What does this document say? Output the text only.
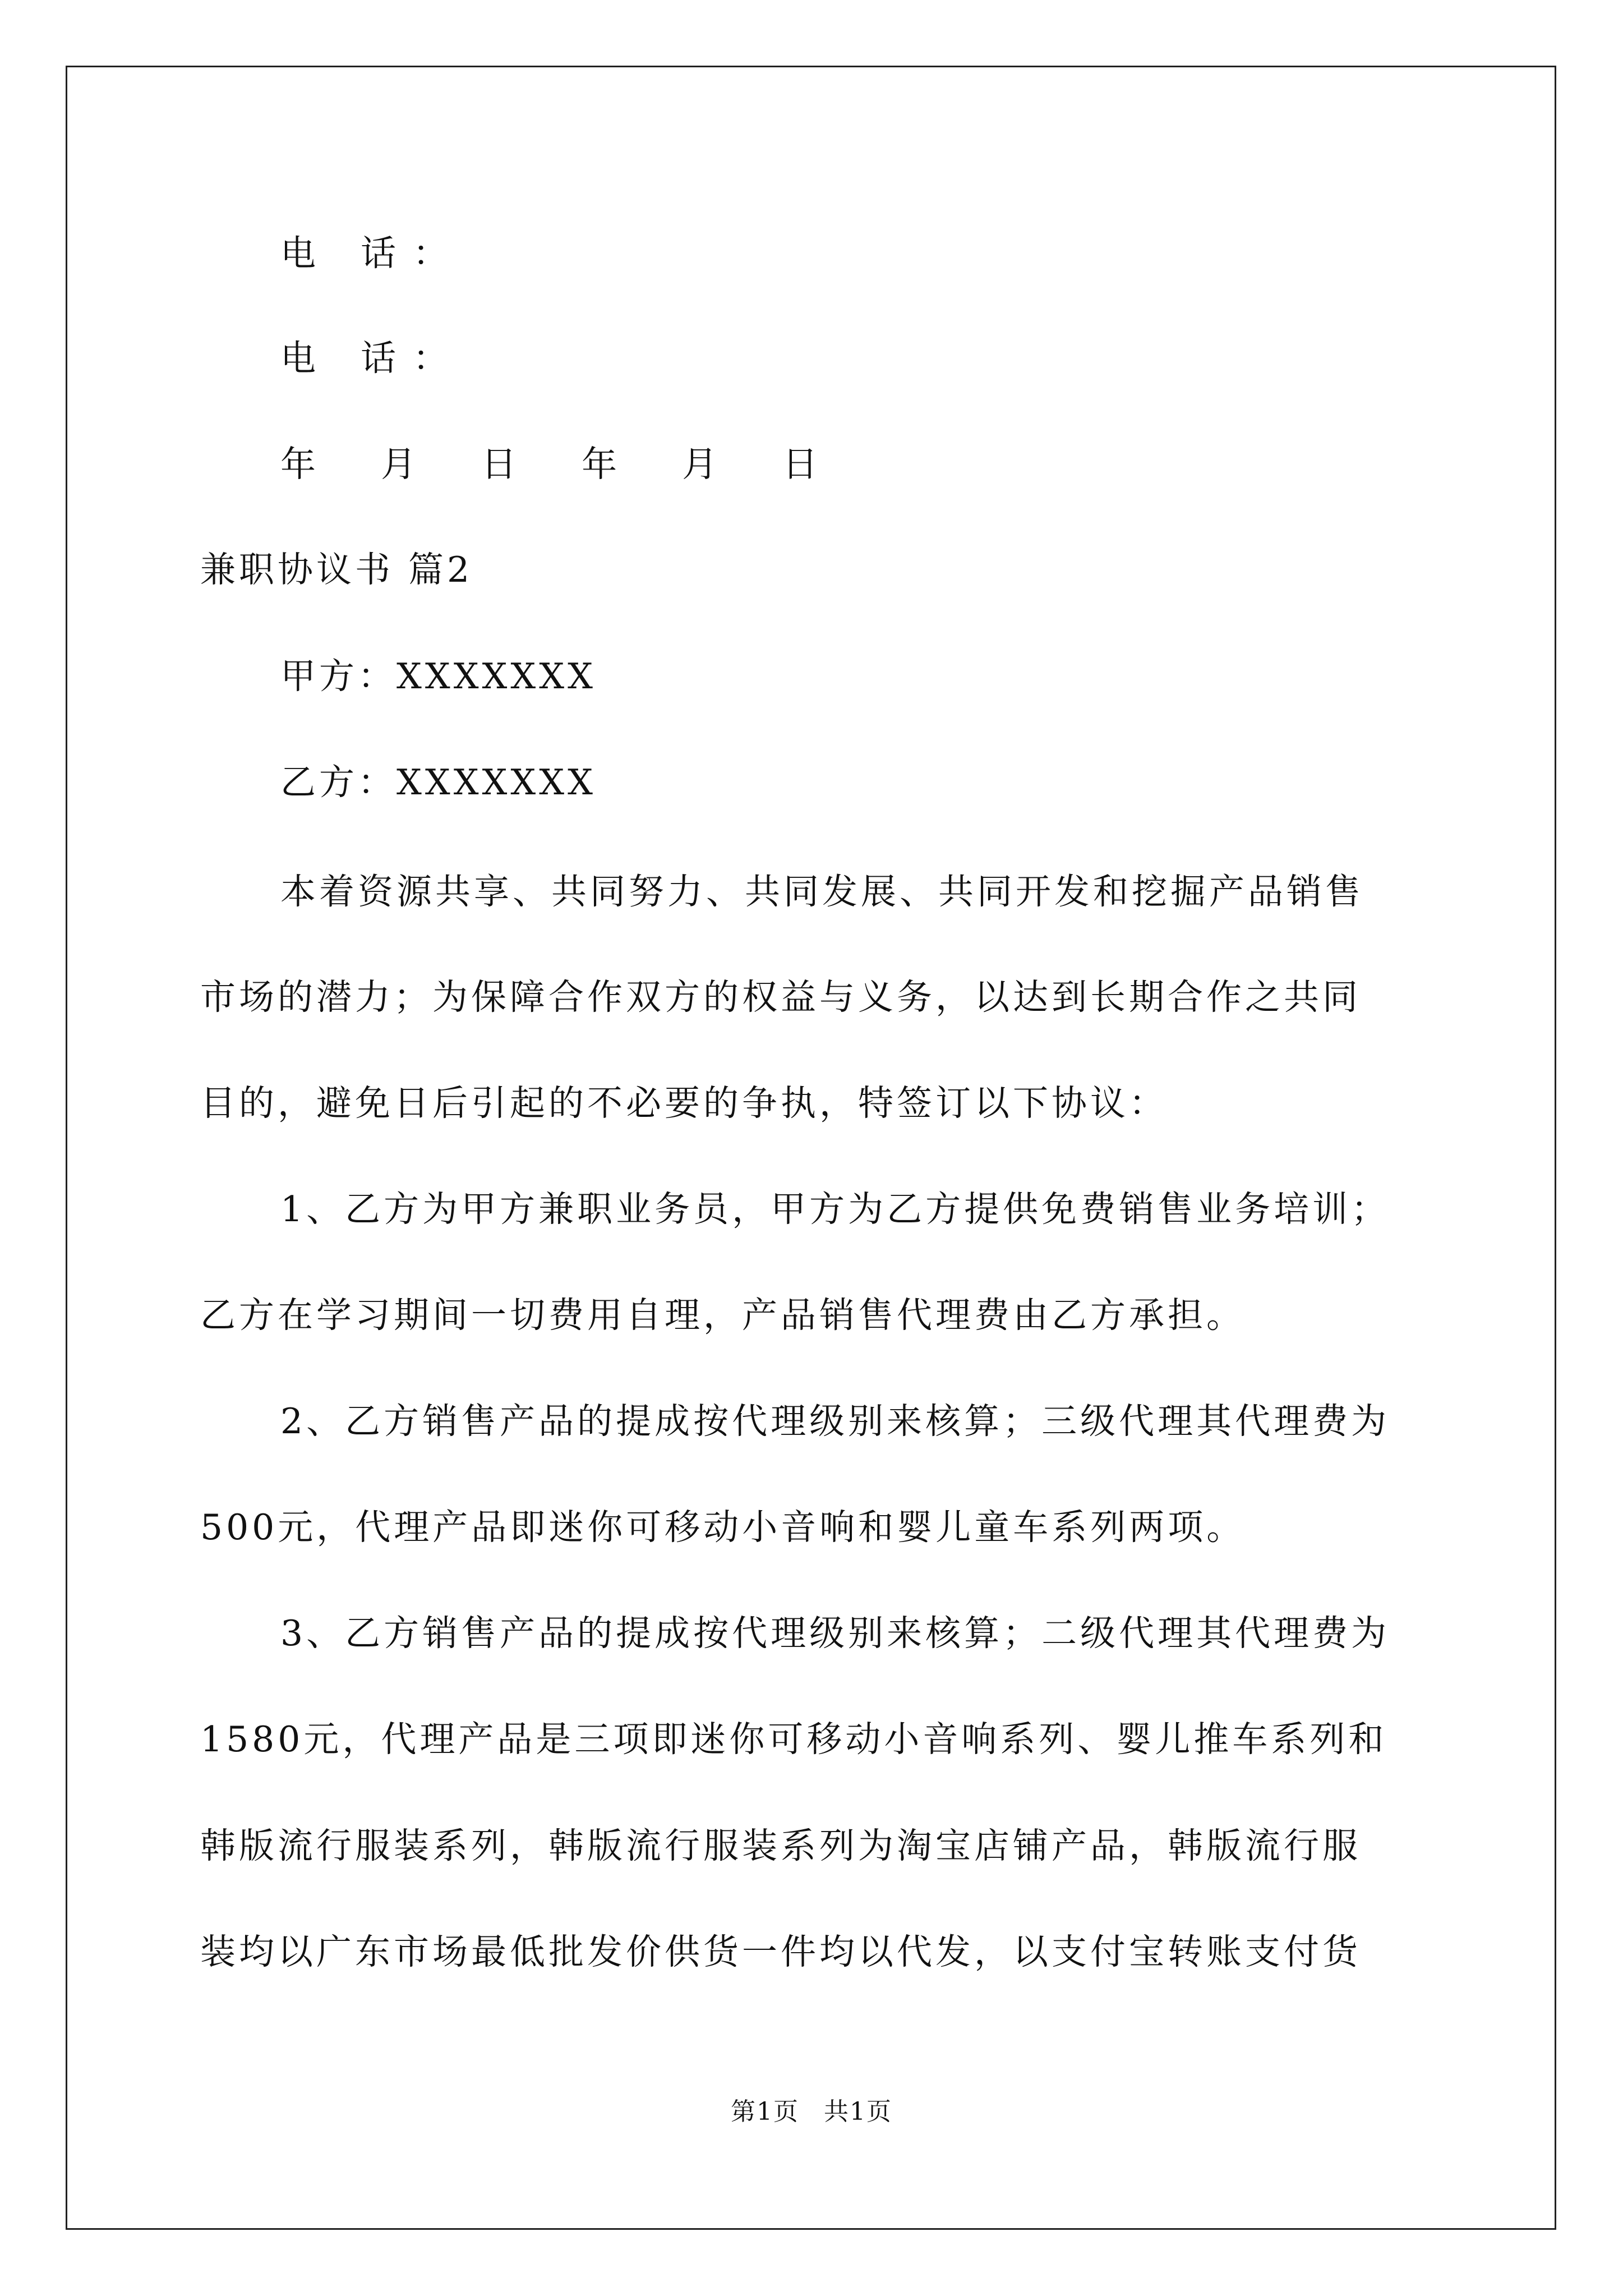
电 话：
电 话：
年 月 日 年 月 日
兼职协议书 篇2
甲方：XXXXXXX
乙方：XXXXXXX
本着资源共享、共同努力、共同发展、共同开发和挖掘产品销售
市场的潜力；为保障合作双方的权益与义务，以达到长期合作之共同
目的，避免日后引起的不必要的争执，特签订以下协议：
1、乙方为甲方兼职业务员，甲方为乙方提供免费销售业务培训；
乙方在学习期间一切费用自理，产品销售代理费由乙方承担。
2、乙方销售产品的提成按代理级别来核算；三级代理其代理费为
500元，代理产品即迷你可移动小音响和婴儿童车系列两项。
3、乙方销售产品的提成按代理级别来核算；二级代理其代理费为
1580元，代理产品是三项即迷你可移动小音响系列、婴儿推车系列和
韩版流行服装系列，韩版流行服装系列为淘宝店铺产品，韩版流行服
装均以广东市场最低批发价供货一件均以代发，以支付宝转账支付货
第1页 共1页
